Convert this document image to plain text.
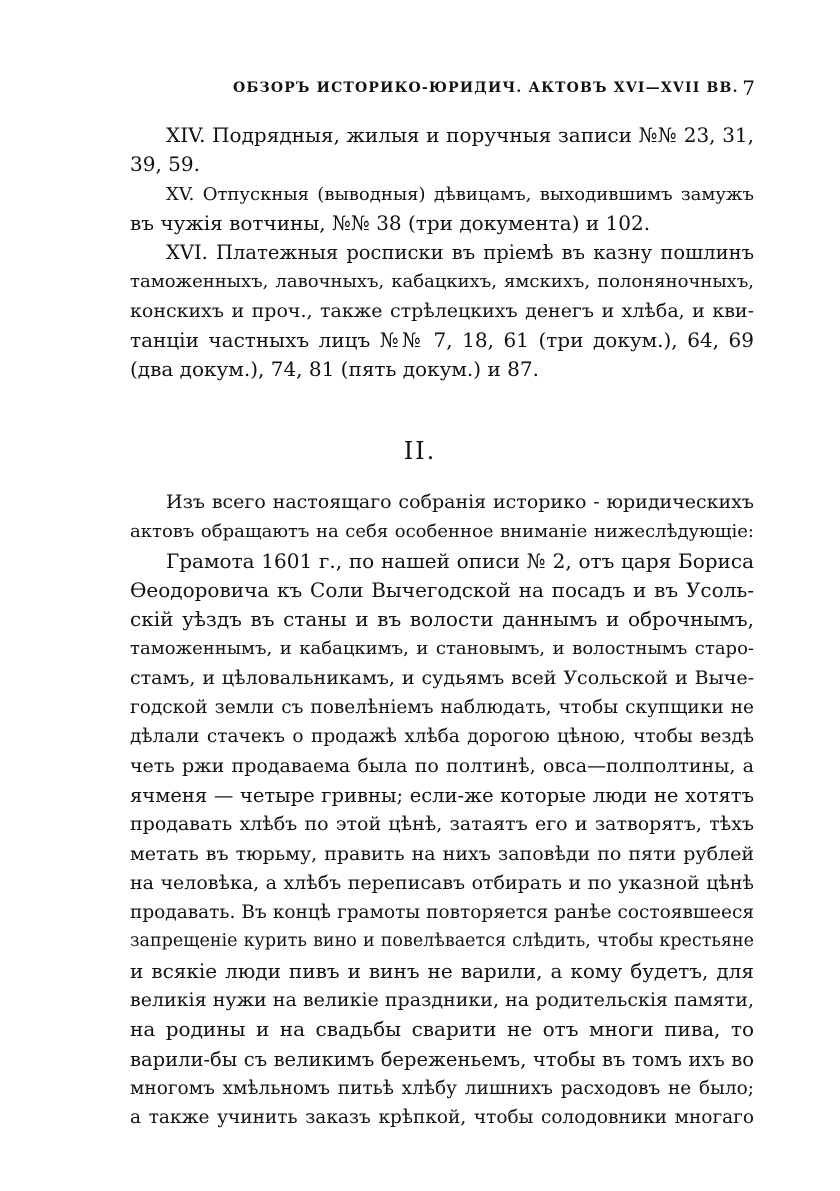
ОБЗОРЪ ИСТОРИКО-ЮРИДИЧ. АКТОВЪ XVI—XVII ВВ. 7
XIV. Подрядныя, жилыя и поручныя записи №№ 23, 31,
39, 59.
XV. Отпускныя (выводныя) дѣвицамъ, выходившимъ замужъ
въ чужія вотчины, №№ 38 (три документа) и 102.
XVI. Платежныя росписки въ пріемѣ въ казну пошлинъ
таможенныхъ, лавочныхъ, кабацкихъ, ямскихъ, полоняночныхъ,
конскихъ и проч., также стрѣлецкихъ денегъ и хлѣба, и кви-
танціи частныхъ лицъ №№ 7, 18, 61 (три докум.), 64, 69
(два докум.), 74, 81 (пять докум.) и 87.
II.
Изъ всего настоящаго собранія историко - юридическихъ
актовъ обращаютъ на себя особенное вниманіе нижеслѣдующіе:
Грамота 1601 г., по нашей описи № 2, отъ царя Бориса
Ѳеодоровича къ Соли Вычегодской на посадъ и въ Усоль-
скій уѣздъ въ станы и въ волости даннымъ и оброчнымъ,
таможеннымъ, и кабацкимъ, и становымъ, и волостнымъ старо-
стамъ, и цѣловальникамъ, и судьямъ всей Усольской и Выче-
годской земли съ повелѣніемъ наблюдать, чтобы скупщики не
дѣлали стачекъ о продажѣ хлѣба дорогою цѣною, чтобы вездѣ
четь ржи продаваема была по полтинѣ, овса—полполтины, а
ячменя — четыре гривны; если-же которые люди не хотятъ
продавать хлѣбъ по этой цѣнѣ, затаятъ его и затворятъ, тѣхъ
метать въ тюрьму, править на нихъ заповѣди по пяти рублей
на человѣка, а хлѣбъ переписавъ отбирать и по указной цѣнѣ
продавать. Въ концѣ грамоты повторяется ранѣе состоявшееся
запрещеніе курить вино и повелѣвается слѣдить, чтобы крестьяне
и всякіе люди пивъ и винъ не варили, а кому будетъ, для
великія нужи на великіе праздники, на родительскія памяти,
на родины и на свадьбы сварити не отъ многи пива, то
варили-бы съ великимъ береженьемъ, чтобы въ томъ ихъ во
многомъ хмѣльномъ питьѣ хлѣбу лишнихъ расходовъ не было;
а также учинить заказъ крѣпкой, чтобы солодовники многаго
